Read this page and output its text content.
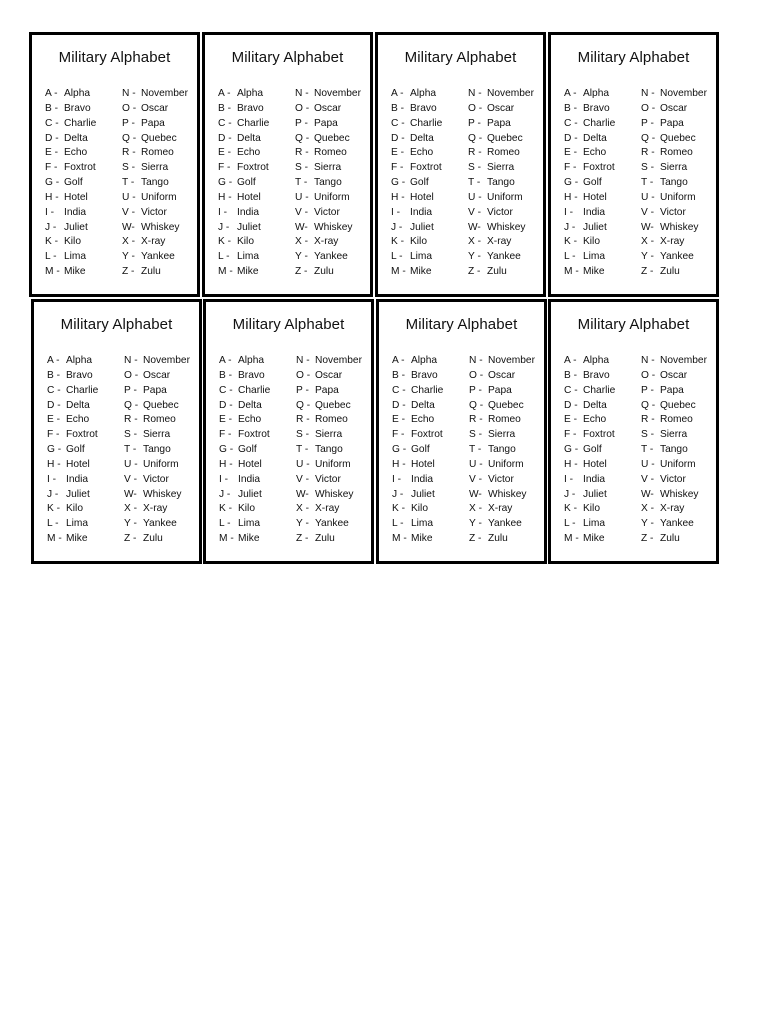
Military Alphabet
A - Alpha
B - Bravo
C - Charlie
D - Delta
E - Echo
F - Foxtrot
G - Golf
H - Hotel
I - India
J - Juliet
K - Kilo
L - Lima
M - Mike
N - November
O - Oscar
P - Papa
Q - Quebec
R - Romeo
S - Sierra
T - Tango
U - Uniform
V - Victor
W- Whiskey
X - X-ray
Y - Yankee
Z - Zulu
Military Alphabet
A - Alpha
B - Bravo
C - Charlie
D - Delta
E - Echo
F - Foxtrot
G - Golf
H - Hotel
I - India
J - Juliet
K - Kilo
L - Lima
M - Mike
N - November
O - Oscar
P - Papa
Q - Quebec
R - Romeo
S - Sierra
T - Tango
U - Uniform
V - Victor
W- Whiskey
X - X-ray
Y - Yankee
Z - Zulu
Military Alphabet
A - Alpha
B - Bravo
C - Charlie
D - Delta
E - Echo
F - Foxtrot
G - Golf
H - Hotel
I - India
J - Juliet
K - Kilo
L - Lima
M - Mike
N - November
O - Oscar
P - Papa
Q - Quebec
R - Romeo
S - Sierra
T - Tango
U - Uniform
V - Victor
W- Whiskey
X - X-ray
Y - Yankee
Z - Zulu
Military Alphabet
A - Alpha
B - Bravo
C - Charlie
D - Delta
E - Echo
F - Foxtrot
G - Golf
H - Hotel
I - India
J - Juliet
K - Kilo
L - Lima
M - Mike
N - November
O - Oscar
P - Papa
Q - Quebec
R - Romeo
S - Sierra
T - Tango
U - Uniform
V - Victor
W- Whiskey
X - X-ray
Y - Yankee
Z - Zulu
Military Alphabet
A - Alpha
B - Bravo
C - Charlie
D - Delta
E - Echo
F - Foxtrot
G - Golf
H - Hotel
I - India
J - Juliet
K - Kilo
L - Lima
M - Mike
N - November
O - Oscar
P - Papa
Q - Quebec
R - Romeo
S - Sierra
T - Tango
U - Uniform
V - Victor
W- Whiskey
X - X-ray
Y - Yankee
Z - Zulu
Military Alphabet
A - Alpha
B - Bravo
C - Charlie
D - Delta
E - Echo
F - Foxtrot
G - Golf
H - Hotel
I - India
J - Juliet
K - Kilo
L - Lima
M - Mike
N - November
O - Oscar
P - Papa
Q - Quebec
R - Romeo
S - Sierra
T - Tango
U - Uniform
V - Victor
W- Whiskey
X - X-ray
Y - Yankee
Z - Zulu
Military Alphabet
A - Alpha
B - Bravo
C - Charlie
D - Delta
E - Echo
F - Foxtrot
G - Golf
H - Hotel
I - India
J - Juliet
K - Kilo
L - Lima
M - Mike
N - November
O - Oscar
P - Papa
Q - Quebec
R - Romeo
S - Sierra
T - Tango
U - Uniform
V - Victor
W- Whiskey
X - X-ray
Y - Yankee
Z - Zulu
Military Alphabet
A - Alpha
B - Bravo
C - Charlie
D - Delta
E - Echo
F - Foxtrot
G - Golf
H - Hotel
I - India
J - Juliet
K - Kilo
L - Lima
M - Mike
N - November
O - Oscar
P - Papa
Q - Quebec
R - Romeo
S - Sierra
T - Tango
U - Uniform
V - Victor
W- Whiskey
X - X-ray
Y - Yankee
Z - Zulu
